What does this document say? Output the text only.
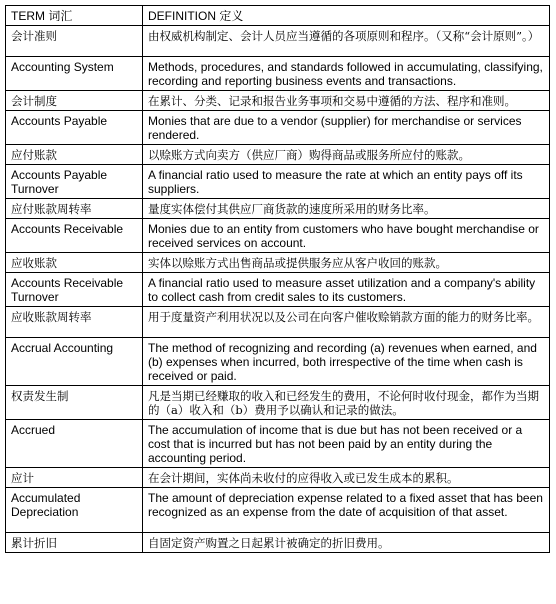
TERM 词汇	DEFINITION 定义
会计准则	由权威机构制定、会计人员应当遵循的各项原则和程序。（又称“会计原则”。）
Accounting System	Methods, procedures, and standards followed in accumulating, classifying, recording and reporting business events and transactions.
会计制度	在累计、分类、记录和报告业务事项和交易中遵循的方法、程序和准则。
Accounts Payable	Monies that are due to a vendor (supplier) for merchandise or services rendered.
应付账款	以赊账方式向卖方（供应厂商）购得商品或服务所应付的账款。
Accounts Payable Turnover	A financial ratio used to measure the rate at which an entity pays off its suppliers.
应付账款周转率	量度实体偿付其供应厂商货款的速度所采用的财务比率。
Accounts Receivable	Monies due to an entity from customers who have bought merchandise or received services on account.
应收账款	实体以赊账方式出售商品或提供服务应从客户收回的账款。
Accounts Receivable Turnover	A financial ratio used to measure asset utilization and a company's ability to collect cash from credit sales to its customers.
应收账款周转率	用于度量资产利用状况以及公司在向客户催收赊销款方面的能力的财务比率。
Accrual Accounting	The method of recognizing and recording (a) revenues when earned, and (b) expenses when incurred, both irrespective of the time when cash is received or paid.
权责发生制	凡是当期已经赚取的收入和已经发生的费用，不论何时收付现金，都作为当期的（a）收入和（b）费用予以确认和记录的做法。
Accrued	The accumulation of income that is due but has not been received or a cost that is incurred but has not been paid by an entity during the accounting period.
应计	在会计期间，实体尚未收付的应得收入或已发生成本的累积。
Accumulated Depreciation	The amount of depreciation expense related to a fixed asset that has been recognized as an expense from the date of acquisition of that asset.
累计折旧	自固定资产购置之日起累计被确定的折旧费用。
